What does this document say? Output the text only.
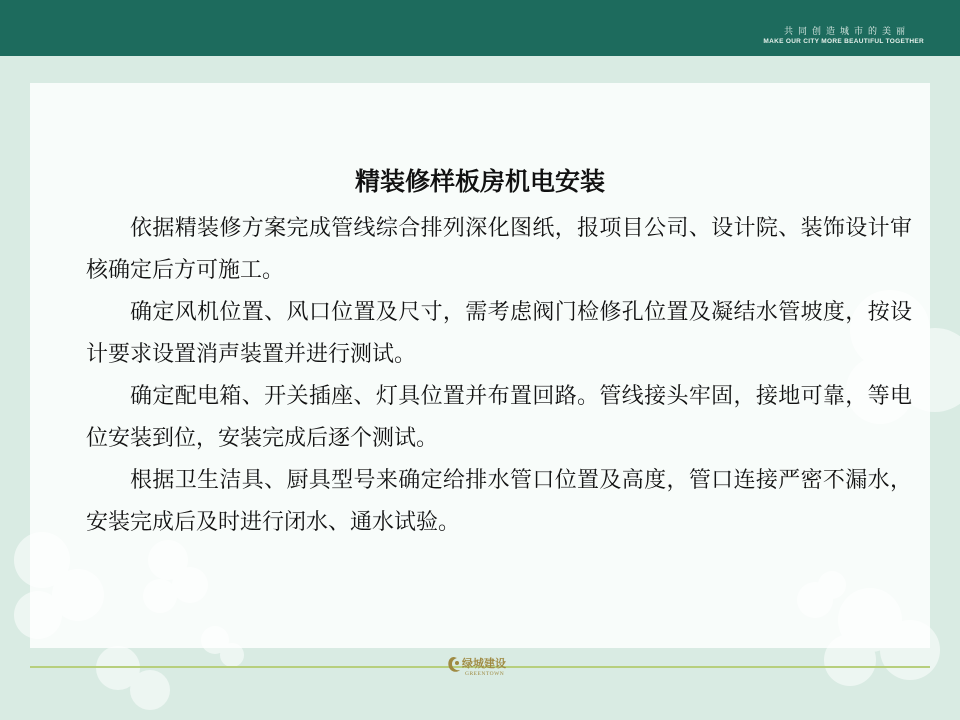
共同创造城市的美丽
MAKE OUR CITY MORE BEAUTIFUL TOGETHER
精装修样板房机电安装

依据精装修方案完成管线综合排列深化图纸，报项目公司、设计院、装饰设计审核确定后方可施工。

确定风机位置、风口位置及尺寸，需考虑阀门检修孔位置及凝结水管坡度，按设计要求设置消声装置并进行测试。

确定配电箱、开关插座、灯具位置并布置回路。管线接头牢固，接地可靠，等电位安装到位，安装完成后逐个测试。

根据卫生洁具、厨具型号来确定给排水管口位置及高度，管口连接严密不漏水，安装完成后及时进行闭水、通水试验。

绿城建设
GREENTOWN
